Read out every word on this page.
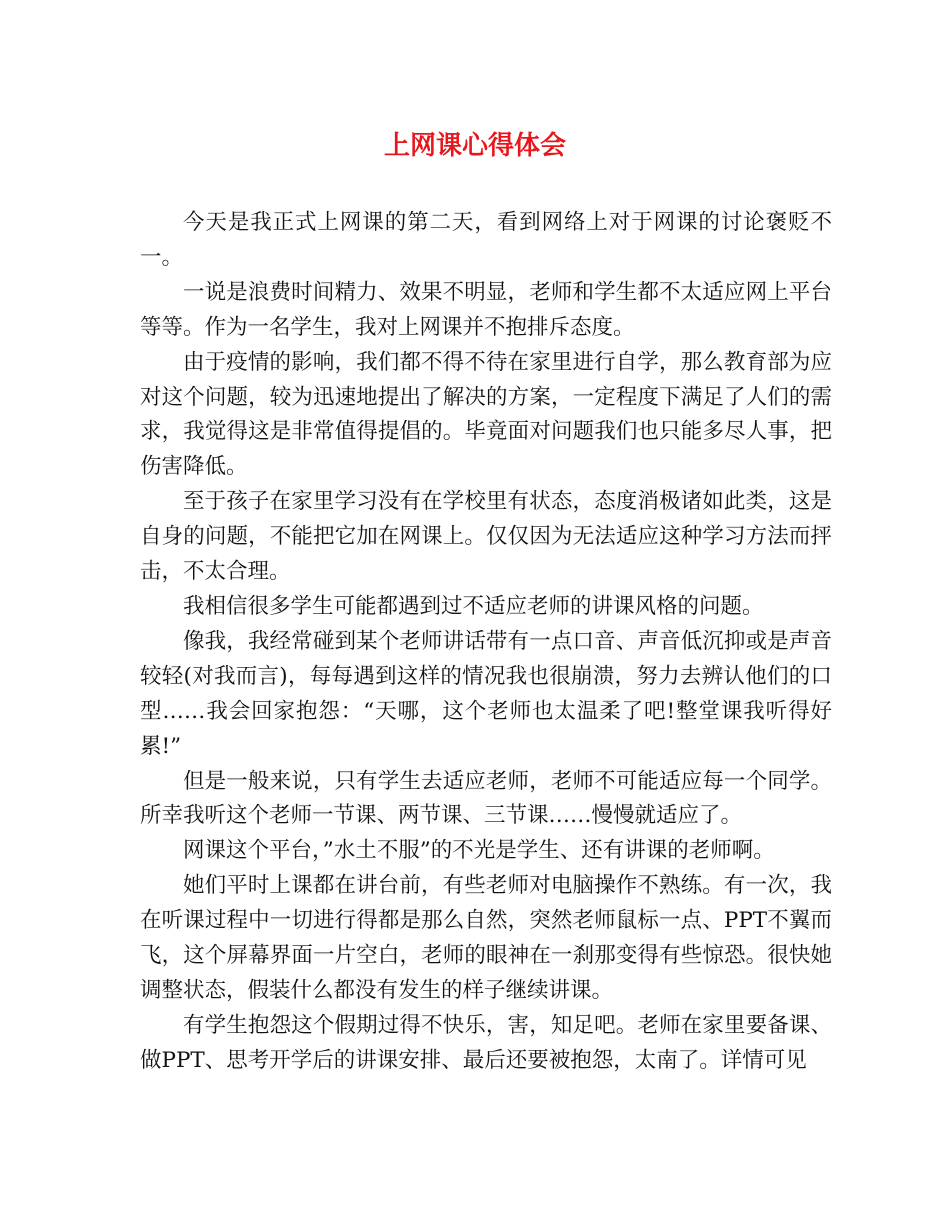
上网课心得体会

今天是我正式上网课的第二天，看到网络上对于网课的讨论褒贬不一。

一说是浪费时间精力、效果不明显，老师和学生都不太适应网上平台等等。作为一名学生，我对上网课并不抱排斥态度。

由于疫情的影响，我们都不得不待在家里进行自学，那么教育部为应对这个问题，较为迅速地提出了解决的方案，一定程度下满足了人们的需求，我觉得这是非常值得提倡的。毕竟面对问题我们也只能多尽人事，把伤害降低。

至于孩子在家里学习没有在学校里有状态，态度消极诸如此类，这是自身的问题，不能把它加在网课上。仅仅因为无法适应这种学习方法而抨击，不太合理。

我相信很多学生可能都遇到过不适应老师的讲课风格的问题。

像我，我经常碰到某个老师讲话带有一点口音、声音低沉抑或是声音较轻(对我而言)，每每遇到这样的情况我也很崩溃，努力去辨认他们的口型……我会回家抱怨：“天哪，这个老师也太温柔了吧!整堂课我听得好累!”

但是一般来说，只有学生去适应老师，老师不可能适应每一个同学。所幸我听这个老师一节课、两节课、三节课……慢慢就适应了。

网课这个平台，”水土不服”的不光是学生、还有讲课的老师啊。

她们平时上课都在讲台前，有些老师对电脑操作不熟练。有一次，我在听课过程中一切进行得都是那么自然，突然老师鼠标一点、PPT不翼而飞，这个屏幕界面一片空白，老师的眼神在一刹那变得有些惊恐。很快她调整状态，假装什么都没有发生的样子继续讲课。

有学生抱怨这个假期过得不快乐，害，知足吧。老师在家里要备课、做PPT、思考开学后的讲课安排、最后还要被抱怨，太南了。详情可见
